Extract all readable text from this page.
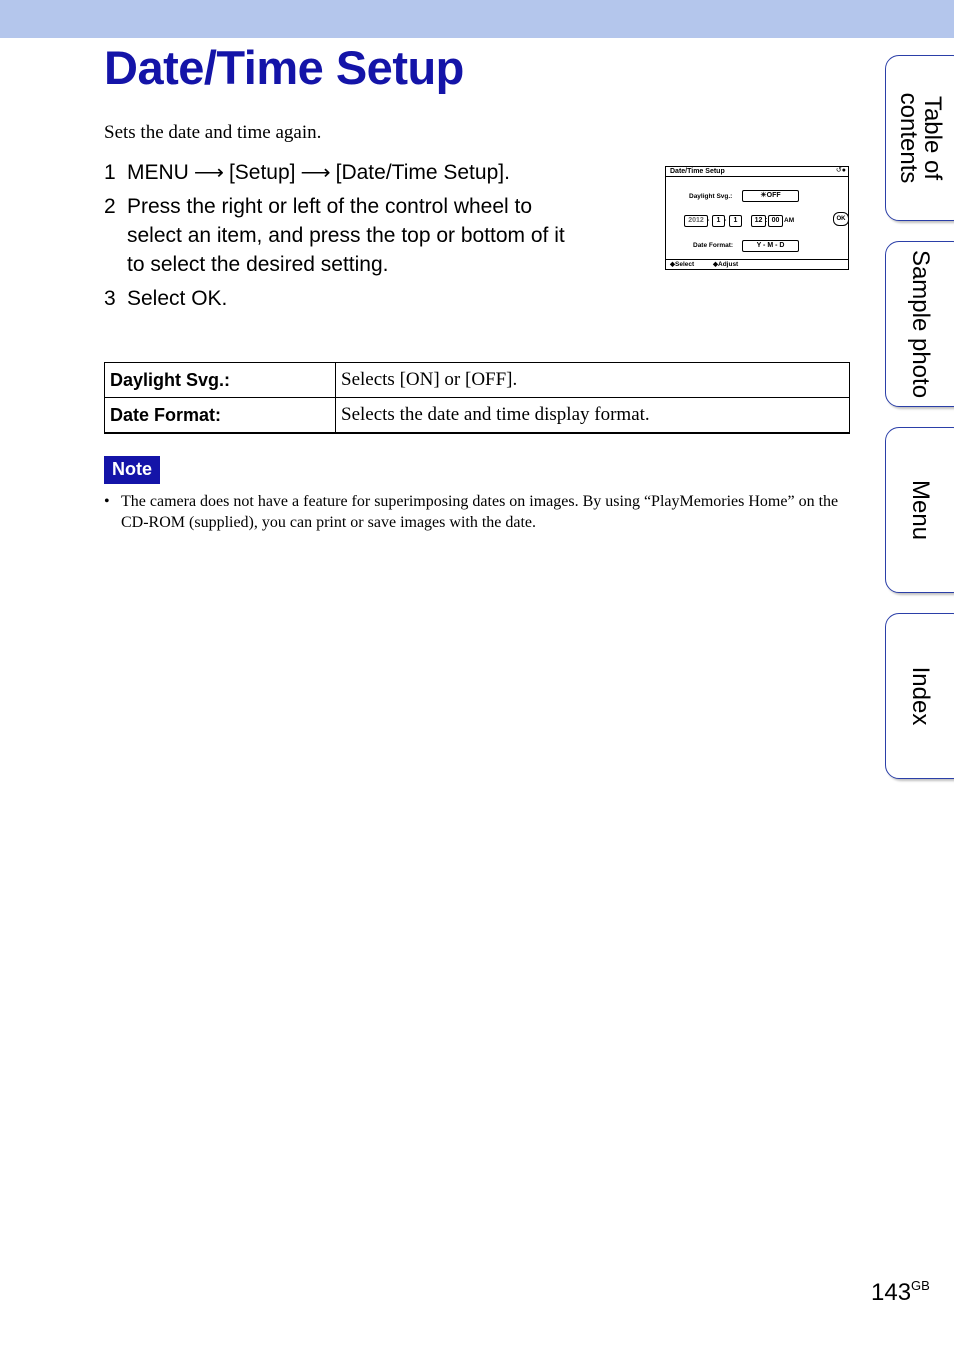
Date/Time Setup
Sets the date and time again.
1 MENU ⟶ [Setup] ⟶ [Date/Time Setup].
2 Press the right or left of the control wheel to select an item, and press the top or bottom of it to select the desired setting.
3 Select OK.
Date/Time Setup	↺●
Daylight Svg.:	☀OFF
2012 -	1 -	1	12 : 00 AM	OK
Date Format:	Y - M - D
◆Select	◆Adjust
Daylight Svg.:	Selects [ON] or [OFF].
Date Format:	Selects the date and time display format.
Note
• The camera does not have a feature for superimposing dates on images. By using “PlayMemories Home” on the CD-ROM (supplied), you can print or save images with the date.
Table of
contents
Sample photo
Menu
Index
$143^{GB}$
